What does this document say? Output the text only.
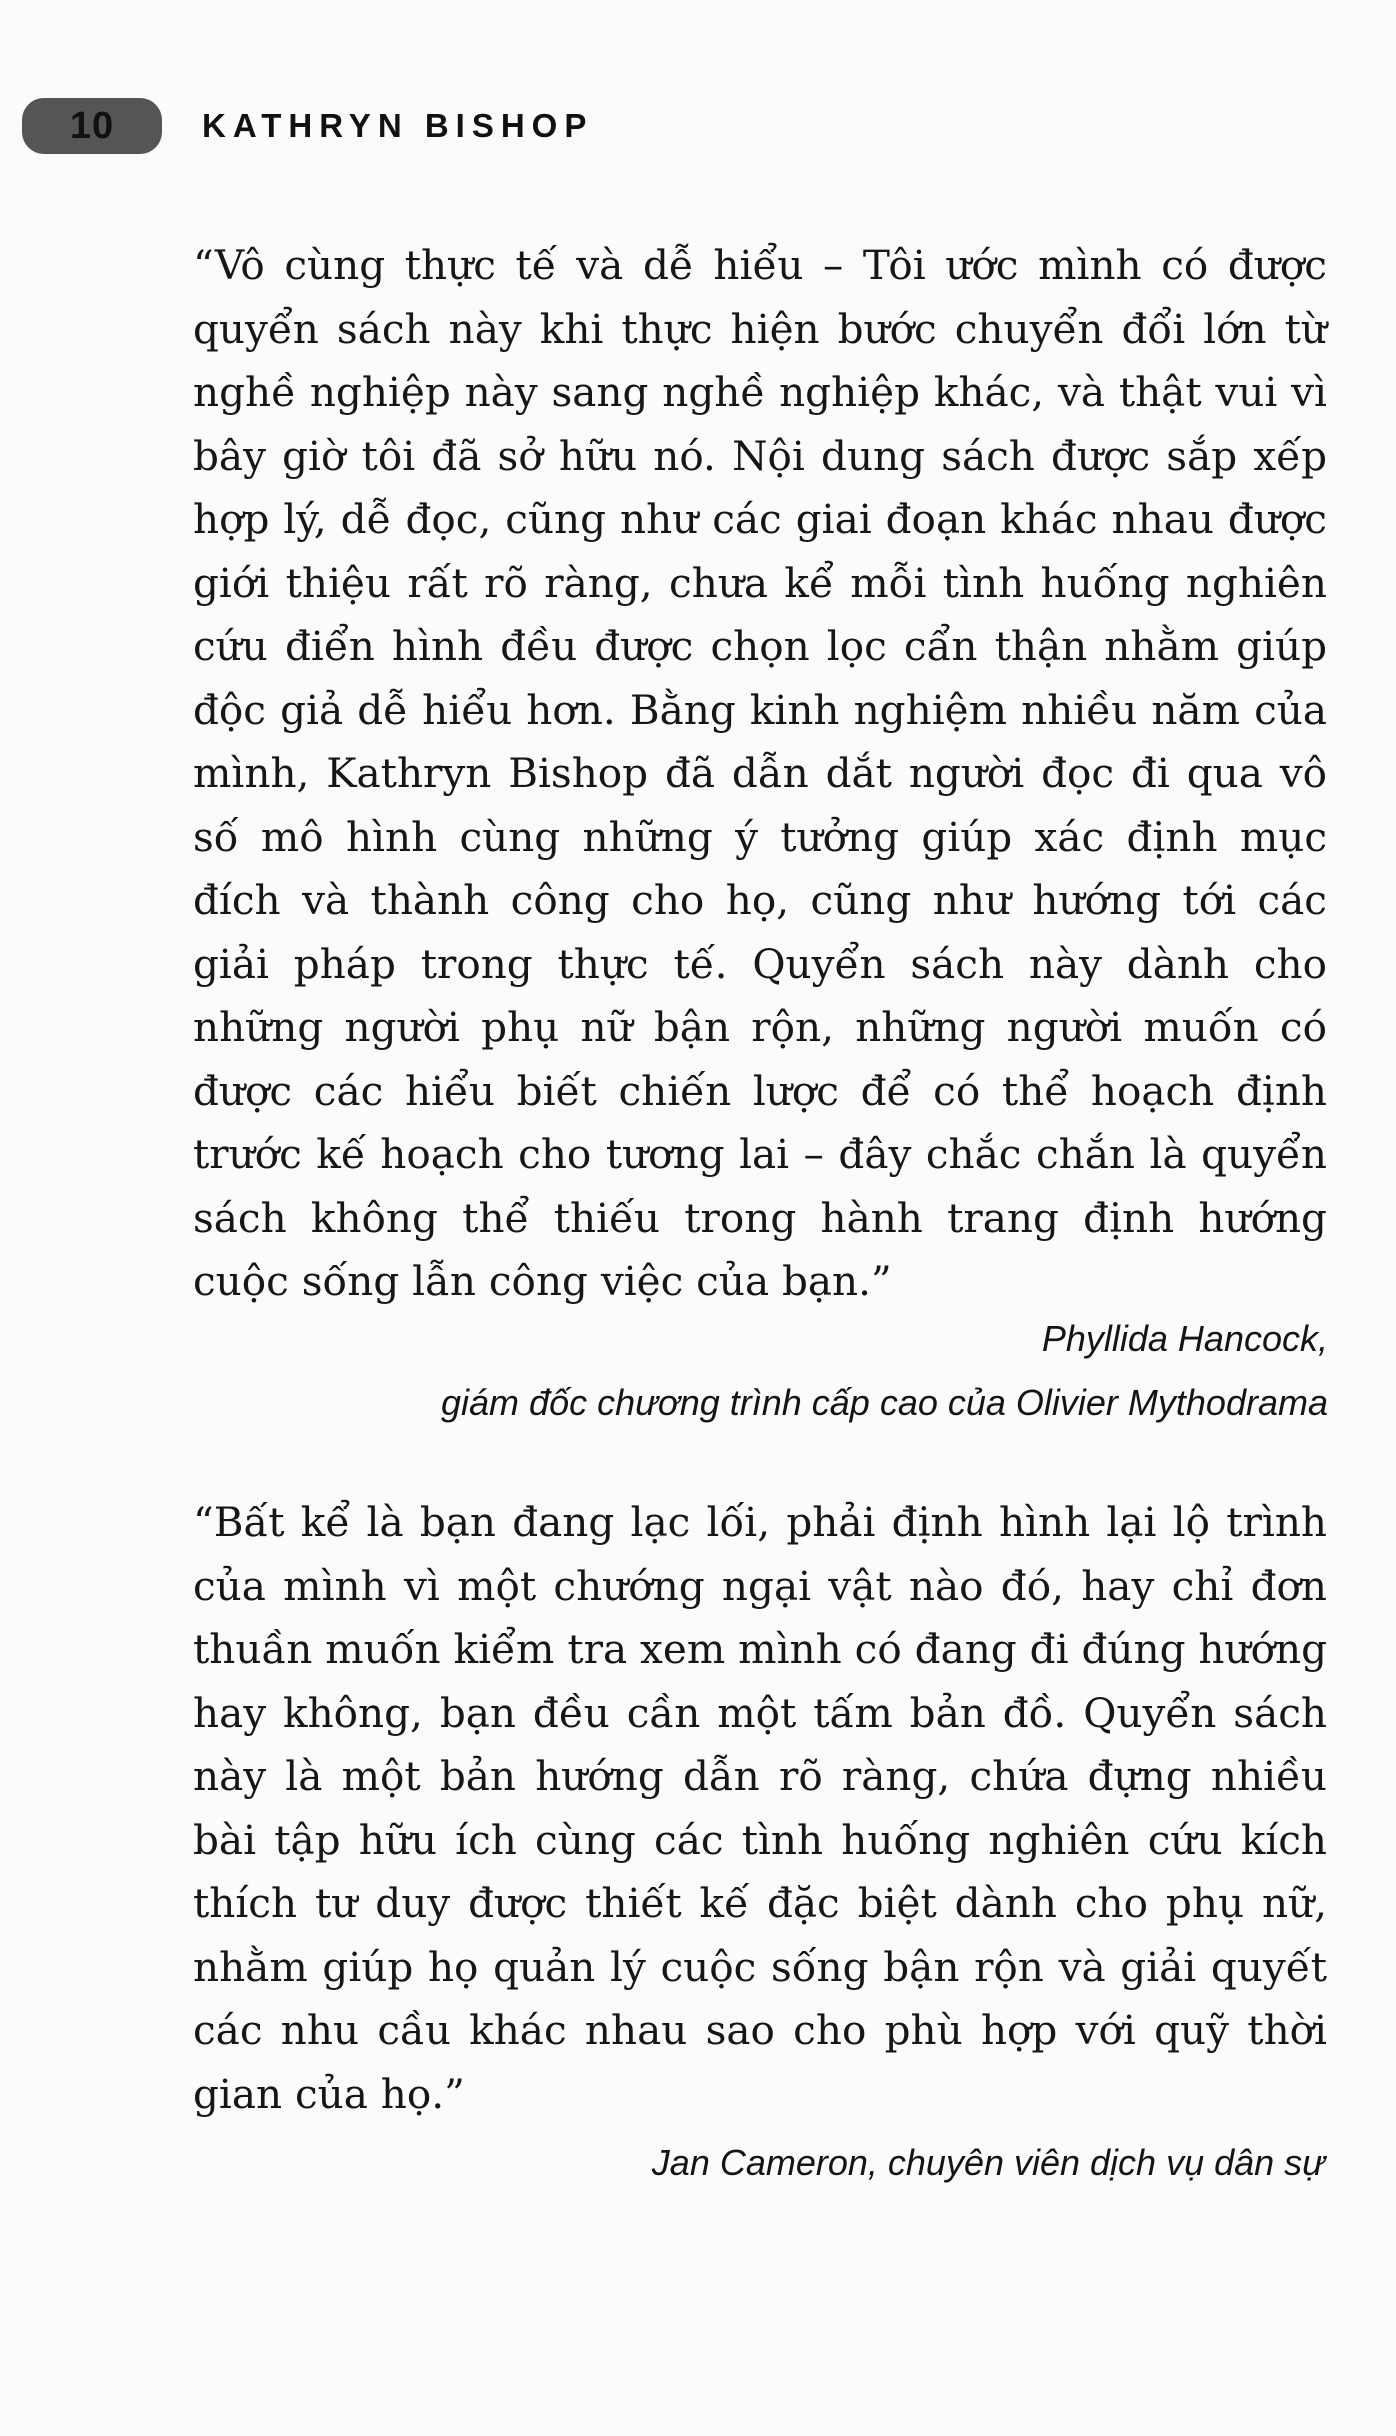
10	KATHRYN BISHOP

“Vô cùng thực tế và dễ hiểu – Tôi ước mình có được quyển sách này khi thực hiện bước chuyển đổi lớn từ nghề nghiệp này sang nghề nghiệp khác, và thật vui vì bây giờ tôi đã sở hữu nó. Nội dung sách được sắp xếp hợp lý, dễ đọc, cũng như các giai đoạn khác nhau được giới thiệu rất rõ ràng, chưa kể mỗi tình huống nghiên cứu điển hình đều được chọn lọc cẩn thận nhằm giúp độc giả dễ hiểu hơn. Bằng kinh nghiệm nhiều năm của mình, Kathryn Bishop đã dẫn dắt người đọc đi qua vô số mô hình cùng những ý tưởng giúp xác định mục đích và thành công cho họ, cũng như hướng tới các giải pháp trong thực tế. Quyển sách này dành cho những người phụ nữ bận rộn, những người muốn có được các hiểu biết chiến lược để có thể hoạch định trước kế hoạch cho tương lai – đây chắc chắn là quyển sách không thể thiếu trong hành trang định hướng cuộc sống lẫn công việc của bạn.”

Phyllida Hancock,
giám đốc chương trình cấp cao của Olivier Mythodrama

“Bất kể là bạn đang lạc lối, phải định hình lại lộ trình của mình vì một chướng ngại vật nào đó, hay chỉ đơn thuần muốn kiểm tra xem mình có đang đi đúng hướng hay không, bạn đều cần một tấm bản đồ. Quyển sách này là một bản hướng dẫn rõ ràng, chứa đựng nhiều bài tập hữu ích cùng các tình huống nghiên cứu kích thích tư duy được thiết kế đặc biệt dành cho phụ nữ, nhằm giúp họ quản lý cuộc sống bận rộn và giải quyết các nhu cầu khác nhau sao cho phù hợp với quỹ thời gian của họ.”

Jan Cameron, chuyên viên dịch vụ dân sự
